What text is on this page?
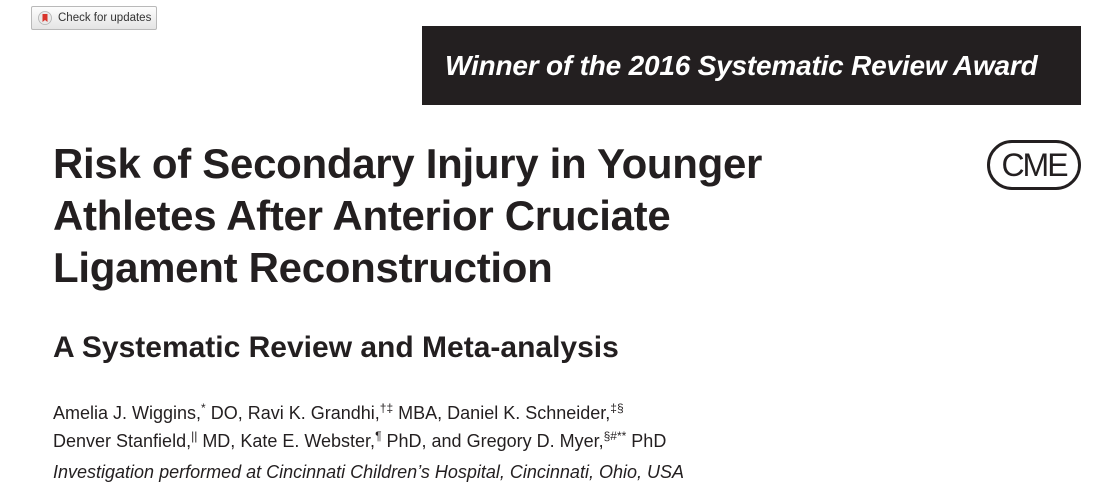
Check for updates
Winner of the 2016 Systematic Review Award
Risk of Secondary Injury in Younger
Athletes After Anterior Cruciate
Ligament Reconstruction
CME
A Systematic Review and Meta-analysis
Amelia J. Wiggins,* DO, Ravi K. Grandhi,†‡ MBA, Daniel K. Schneider,‡§
Denver Stanfield,|| MD, Kate E. Webster,¶ PhD, and Gregory D. Myer,§#** PhD
Investigation performed at Cincinnati Children’s Hospital, Cincinnati, Ohio, USA
